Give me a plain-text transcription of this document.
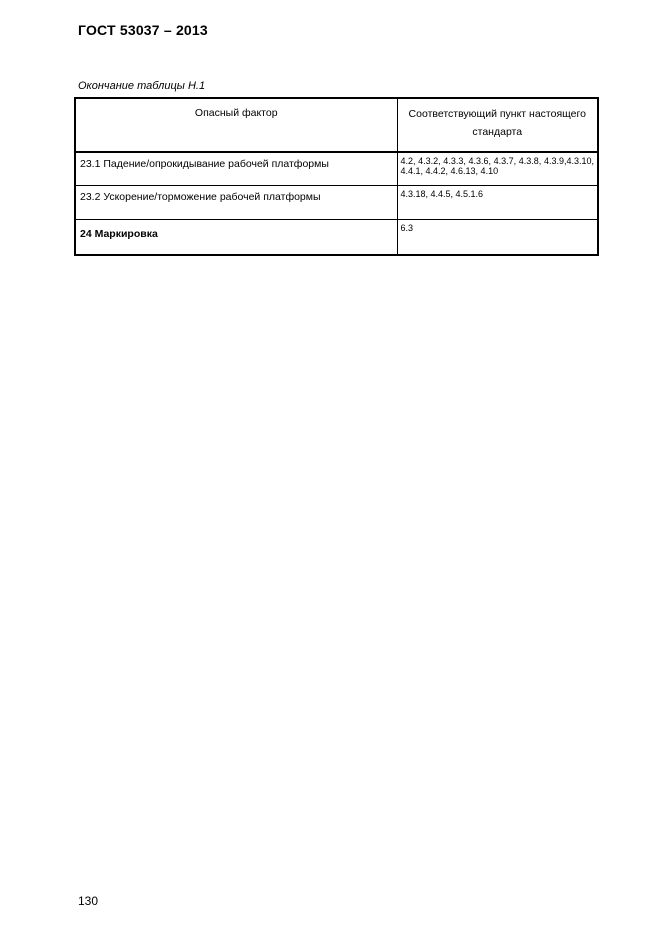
ГОСТ 53037 – 2013
Окончание таблицы Н.1
Опасный фактор	Соответствующий пункт настоящего стандарта
23.1 Падение/опрокидывание рабочей платформы	4.2, 4.3.2, 4.3.3, 4.3.6, 4.3.7, 4.3.8, 4.3.9,4.3.10, 4.4.1, 4.4.2, 4.6.13, 4.10
23.2 Ускорение/торможение рабочей платформы	4.3.18, 4.4.5, 4.5.1.6
24 Маркировка	6.3
130
